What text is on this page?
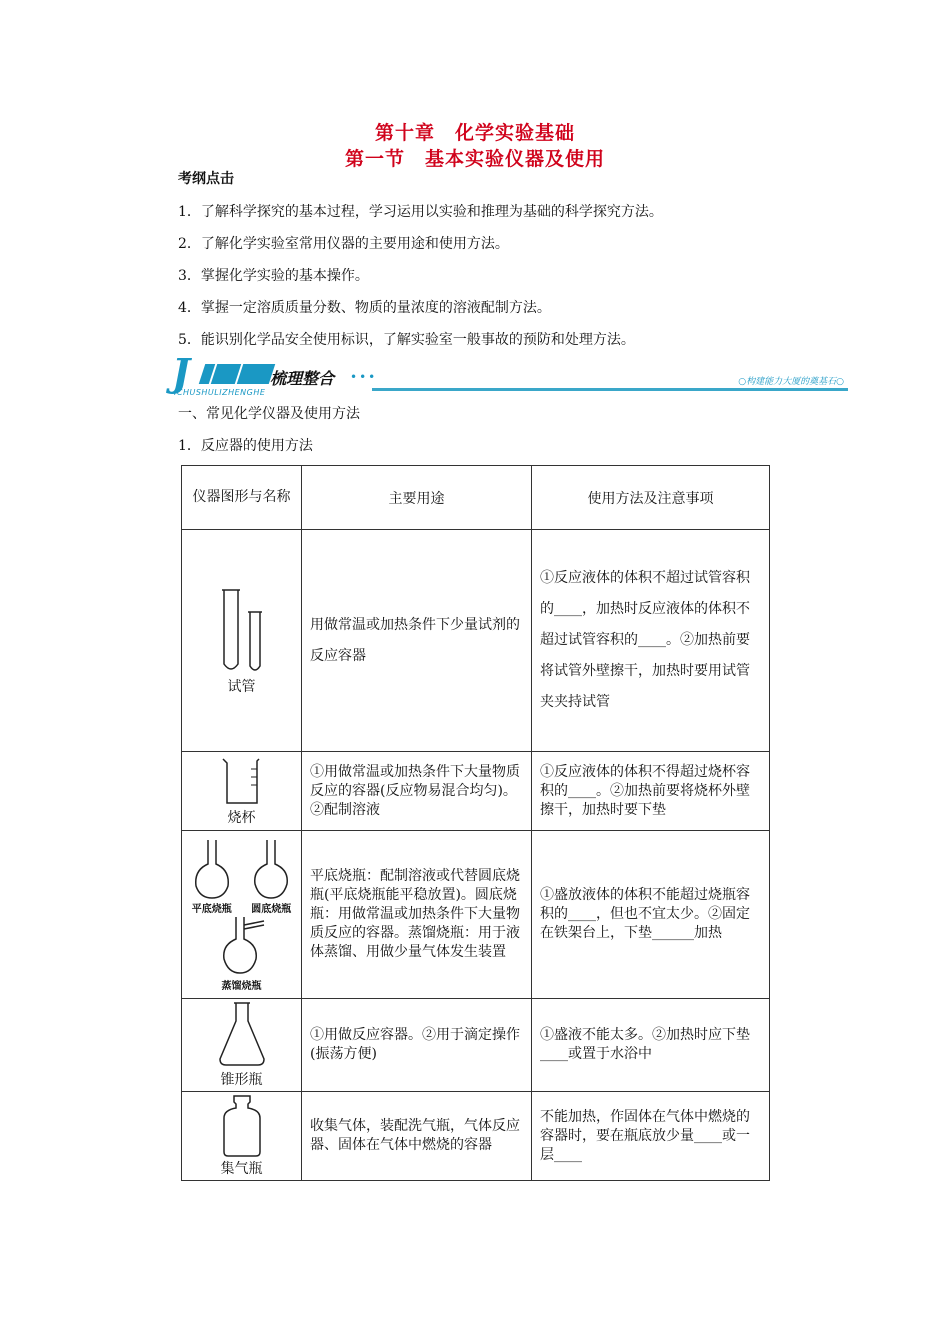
第十章　化学实验基础
第一节　基本实验仪器及使用
考纲点击
1．了解科学探究的基本过程，学习运用以实验和推理为基础的科学探究方法。
2．了解化学实验室常用仪器的主要用途和使用方法。
3．掌握化学实验的基本操作。
4．掌握一定溶质质量分数、物质的量浓度的溶液配制方法。
5．能识别化学品安全使用标识，了解实验室一般事故的预防和处理方法。
J	梳理整合 •••
ICHUSHULIZHENGHE
○构建能力大厦的奠基石○
一、常见化学仪器及使用方法
1．反应器的使用方法
仪器图形与名称	主要用途	使用方法及注意事项

试管	用做常温或加热条件下少量试剂的反应容器	①反应液体的体积不超过试管容积的____，加热时反应液体的体积不超过试管容积的____。②加热前要将试管外壁擦干，加热时要用试管夹夹持试管

烧杯	①用做常温或加热条件下大量物质反应的容器(反应物易混合均匀)。②配制溶液	①反应液体的体积不得超过烧杯容积的____。②加热前要将烧杯外壁擦干，加热时要下垫

平底烧瓶 圆底烧瓶
蒸馏烧瓶	平底烧瓶：配制溶液或代替圆底烧瓶(平底烧瓶能平稳放置)。圆底烧瓶：用做常温或加热条件下大量物质反应的容器。蒸馏烧瓶：用于液体蒸馏、用做少量气体发生装置	①盛放液体的体积不能超过烧瓶容积的____，但也不宜太少。②固定在铁架台上，下垫______加热

锥形瓶	①用做反应容器。②用于滴定操作(振荡方便)	①盛液不能太多。②加热时应下垫____或置于水浴中

集气瓶	收集气体，装配洗气瓶，气体反应器、固体在气体中燃烧的容器	不能加热，作固体在气体中燃烧的容器时，要在瓶底放少量____或一层____
